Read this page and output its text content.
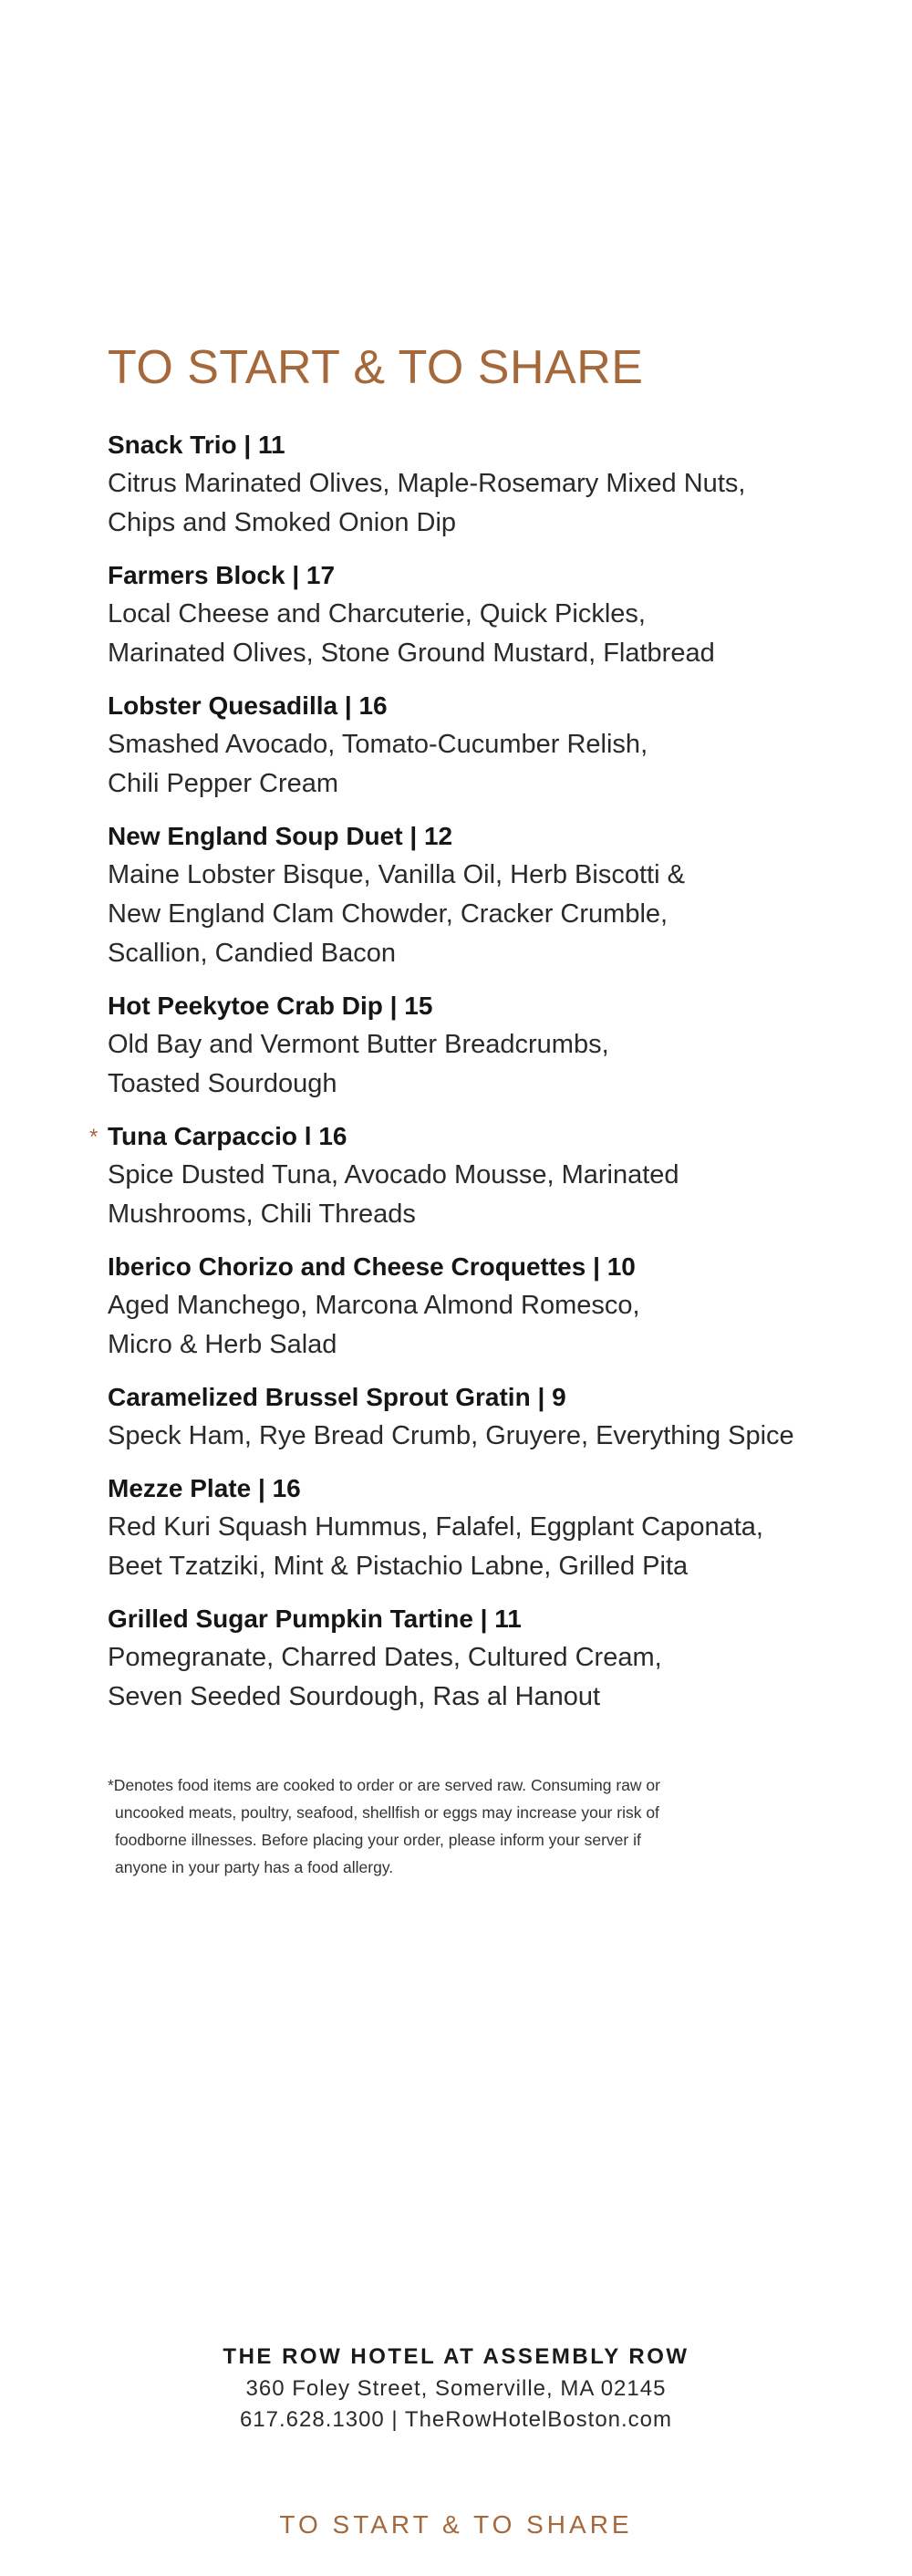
TO START & TO SHARE
Snack Trio | 11
Citrus Marinated Olives, Maple-Rosemary Mixed Nuts,
Chips and Smoked Onion Dip
Farmers Block | 17
Local Cheese and Charcuterie, Quick Pickles,
Marinated Olives, Stone Ground Mustard, Flatbread
Lobster Quesadilla | 16
Smashed Avocado, Tomato-Cucumber Relish,
Chili Pepper Cream
New England Soup Duet | 12
Maine Lobster Bisque, Vanilla Oil, Herb Biscotti &
New England Clam Chowder, Cracker Crumble,
Scallion, Candied Bacon
Hot Peekytoe Crab Dip | 15
Old Bay and Vermont Butter Breadcrumbs,
Toasted Sourdough
* Tuna Carpaccio l 16
Spice Dusted Tuna, Avocado Mousse, Marinated
Mushrooms, Chili Threads
Iberico Chorizo and Cheese Croquettes | 10
Aged Manchego, Marcona Almond Romesco,
Micro & Herb Salad
Caramelized Brussel Sprout Gratin | 9
Speck Ham, Rye Bread Crumb, Gruyere, Everything Spice
Mezze Plate | 16
Red Kuri Squash Hummus, Falafel, Eggplant Caponata,
Beet Tzatziki, Mint & Pistachio Labne, Grilled Pita
Grilled Sugar Pumpkin Tartine | 11
Pomegranate, Charred Dates, Cultured Cream,
Seven Seeded Sourdough, Ras al Hanout

*Denotes food items are cooked to order or are served raw. Consuming raw or
uncooked meats, poultry, seafood, shellfish or eggs may increase your risk of
foodborne illnesses. Before placing your order, please inform your server if
anyone in your party has a food allergy.

THE ROW HOTEL AT ASSEMBLY ROW
360 Foley Street, Somerville, MA 02145
617.628.1300 | TheRowHotelBoston.com
TO START & TO SHARE
